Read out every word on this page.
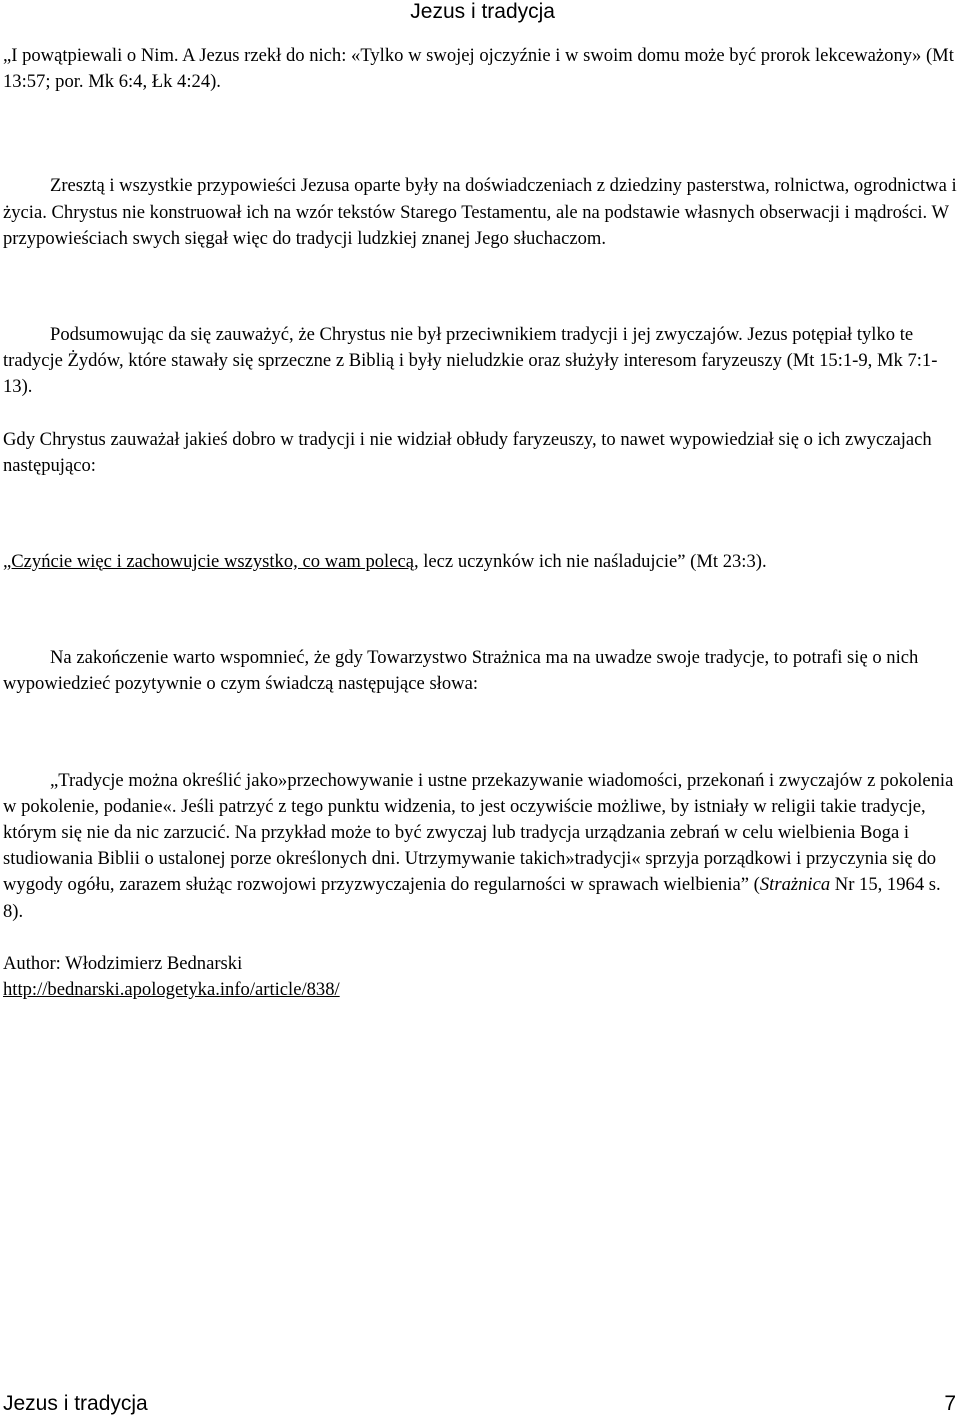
Jezus i tradycja

„I powątpiewali o Nim. A Jezus rzekł do nich: «Tylko w swojej ojczyźnie i w swoim domu może być prorok lekceważony» (Mt 13:57; por. Mk 6:4, Łk 4:24).

Zresztą i wszystkie przypowieści Jezusa oparte były na doświadczeniach z dziedziny pasterstwa, rolnictwa, ogrodnictwa i życia. Chrystus nie konstruował ich na wzór tekstów Starego Testamentu, ale na podstawie własnych obserwacji i mądrości. W przypowieściach swych sięgał więc do tradycji ludzkiej znanej Jego słuchaczom.

Podsumowując da się zauważyć, że Chrystus nie był przeciwnikiem tradycji i jej zwyczajów. Jezus potępiał tylko te tradycje Żydów, które stawały się sprzeczne z Biblią i były nieludzkie oraz służyły interesom faryzeuszy (Mt 15:1-9, Mk 7:1-13).

Gdy Chrystus zauważał jakieś dobro w tradycji i nie widział obłudy faryzeuszy, to nawet wypowiedział się o ich zwyczajach następująco:

„Czyńcie więc i zachowujcie wszystko, co wam polecą, lecz uczynków ich nie naśladujcie” (Mt 23:3).

Na zakończenie warto wspomnieć, że gdy Towarzystwo Strażnica ma na uwadze swoje tradycje, to potrafi się o nich wypowiedzieć pozytywnie o czym świadczą następujące słowa:

„Tradycje można określić jako»przechowywanie i ustne przekazywanie wiadomości, przekonań i zwyczajów z pokolenia w pokolenie, podanie«. Jeśli patrzyć z tego punktu widzenia, to jest oczywiście możliwe, by istniały w religii takie tradycje, którym się nie da nic zarzucić. Na przykład może to być zwyczaj lub tradycja urządzania zebrań w celu wielbienia Boga i studiowania Biblii o ustalonej porze określonych dni. Utrzymywanie takich»tradycji« sprzyja porządkowi i przyczynia się do wygody ogółu, zarazem służąc rozwojowi przyzwyczajenia do regularności w sprawach wielbienia” (Strażnica Nr 15, 1964 s. 8).

Author: Włodzimierz Bednarski

http://bednarski.apologetyka.info/article/838/

Jezus i tradycja	7
